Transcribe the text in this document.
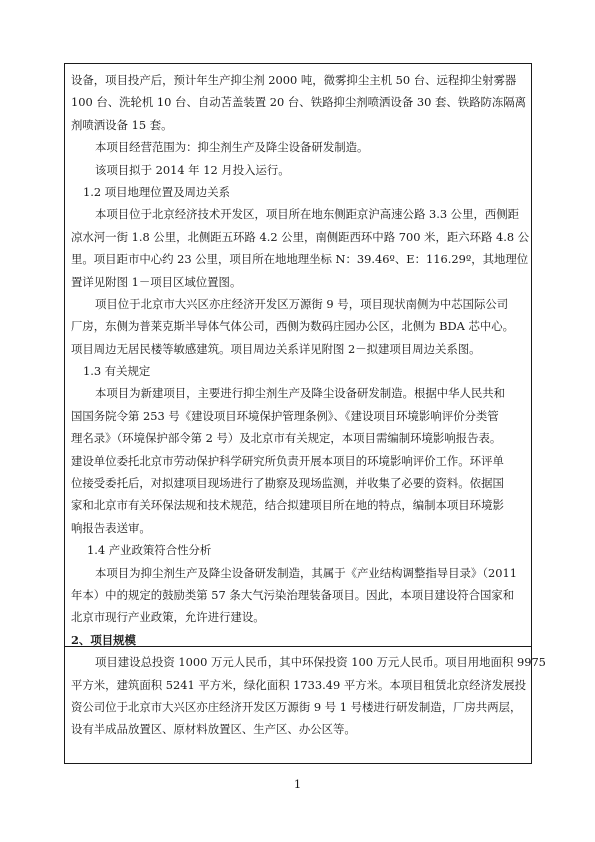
设备，项目投产后，预计年生产抑尘剂 2000 吨，微雾抑尘主机 50 台、远程抑尘射雾器
100 台、洗轮机 10 台、自动苫盖装置 20 台、铁路抑尘剂喷洒设备 30 套、铁路防冻隔离
剂喷洒设备 15 套。
本项目经营范围为：抑尘剂生产及降尘设备研发制造。
该项目拟于 2014 年 12 月投入运行。
1.2 项目地理位置及周边关系
本项目位于北京经济技术开发区，项目所在地东侧距京沪高速公路 3.3 公里，西侧距
凉水河一街 1.8 公里，北侧距五环路 4.2 公里，南侧距西环中路 700 米，距六环路 4.8 公
里。项目距市中心约 23 公里，项目所在地地理坐标 N：39.46º、E：116.29º，其地理位
置详见附图 1－项目区域位置图。
项目位于北京市大兴区亦庄经济开发区万源街 9 号，项目现状南侧为中芯国际公司
厂房，东侧为普莱克斯半导体气体公司，西侧为数码庄园办公区，北侧为 BDA 芯中心。
项目周边无居民楼等敏感建筑。项目周边关系详见附图 2－拟建项目周边关系图。
1.3 有关规定
本项目为新建项目，主要进行抑尘剂生产及降尘设备研发制造。根据中华人民共和
国国务院令第 253 号《建设项目环境保护管理条例》、《建设项目环境影响评价分类管
理名录》（环境保护部令第 2 号）及北京市有关规定，本项目需编制环境影响报告表。
建设单位委托北京市劳动保护科学研究所负责开展本项目的环境影响评价工作。环评单
位接受委托后，对拟建项目现场进行了勘察及现场监测，并收集了必要的资料。依据国
家和北京市有关环保法规和技术规范，结合拟建项目所在地的特点，编制本项目环境影
响报告表送审。
1.4 产业政策符合性分析
本项目为抑尘剂生产及降尘设备研发制造，其属于《产业结构调整指导目录》（2011
年本）中的规定的鼓励类第 57 条大气污染治理装备项目。因此，本项目建设符合国家和
北京市现行产业政策，允许进行建设。
2、项目规模
项目建设总投资 1000 万元人民币，其中环保投资 100 万元人民币。项目用地面积 9975
平方米，建筑面积 5241 平方米，绿化面积 1733.49 平方米。本项目租赁北京经济发展投
资公司位于北京市大兴区亦庄经济开发区万源街 9 号 1 号楼进行研发制造，厂房共两层，
设有半成品放置区、原材料放置区、生产区、办公区等。
1
